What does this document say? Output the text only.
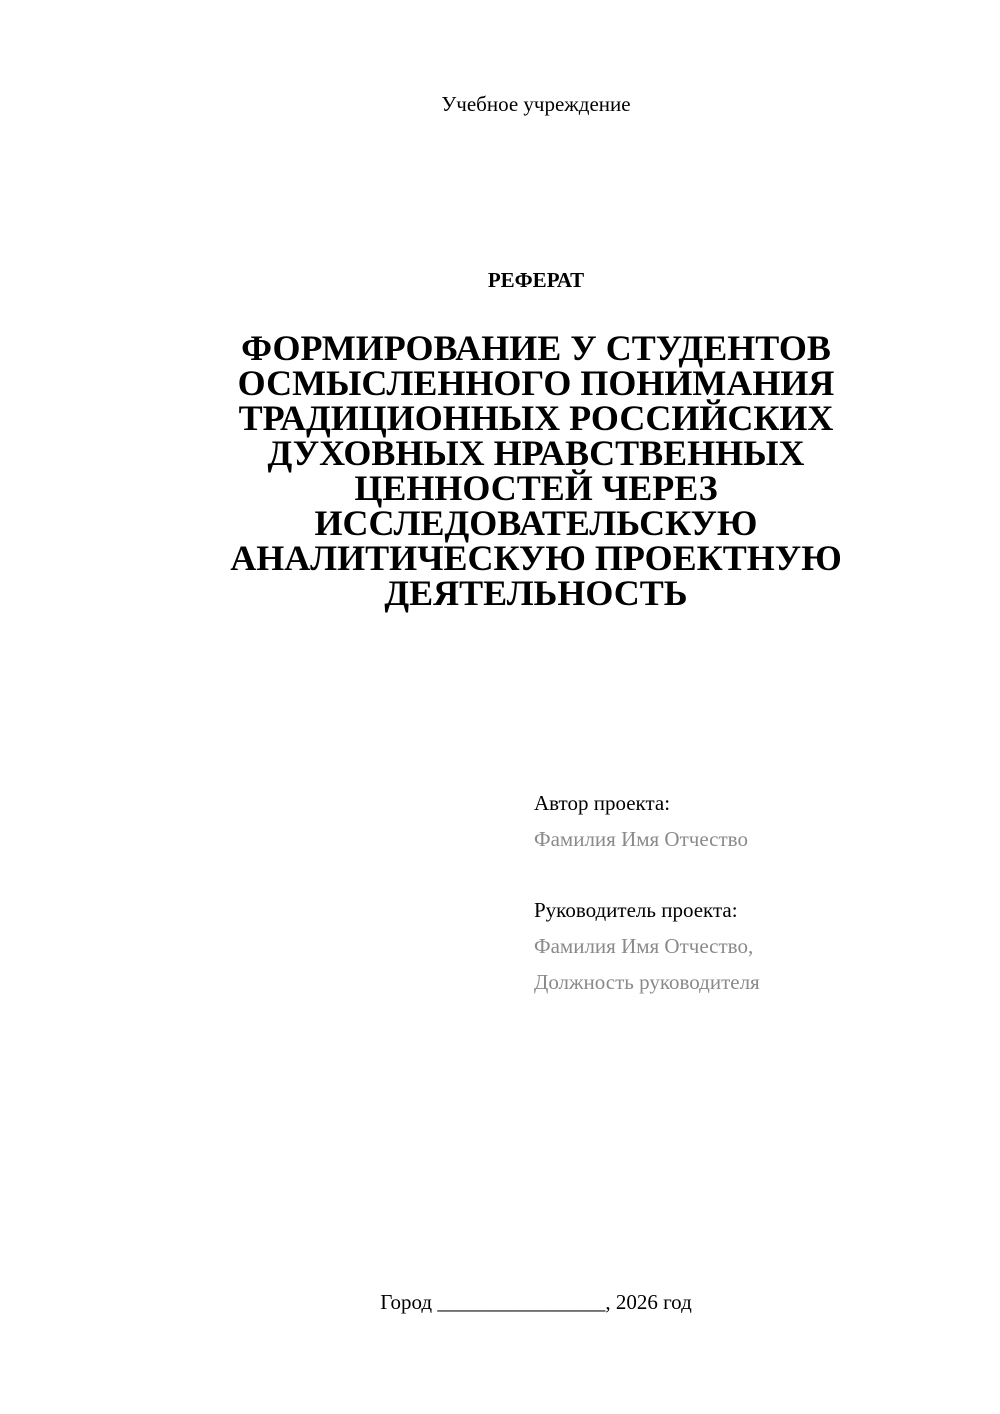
Учебное учреждение
РЕФЕРАТ
ФОРМИРОВАНИЕ У СТУДЕНТОВ
ОСМЫСЛЕННОГО ПОНИМАНИЯ
ТРАДИЦИОННЫХ РОССИЙСКИХ
ДУХОВНЫХ НРАВСТВЕННЫХ
ЦЕННОСТЕЙ ЧЕРЕЗ
ИССЛЕДОВАТЕЛЬСКУЮ
АНАЛИТИЧЕСКУЮ ПРОЕКТНУЮ
ДЕЯТЕЛЬНОСТЬ
Автор проекта:
Фамилия Имя Отчество
Руководитель проекта:
Фамилия Имя Отчество,
Должность руководителя
Город ________________, 2026 год
